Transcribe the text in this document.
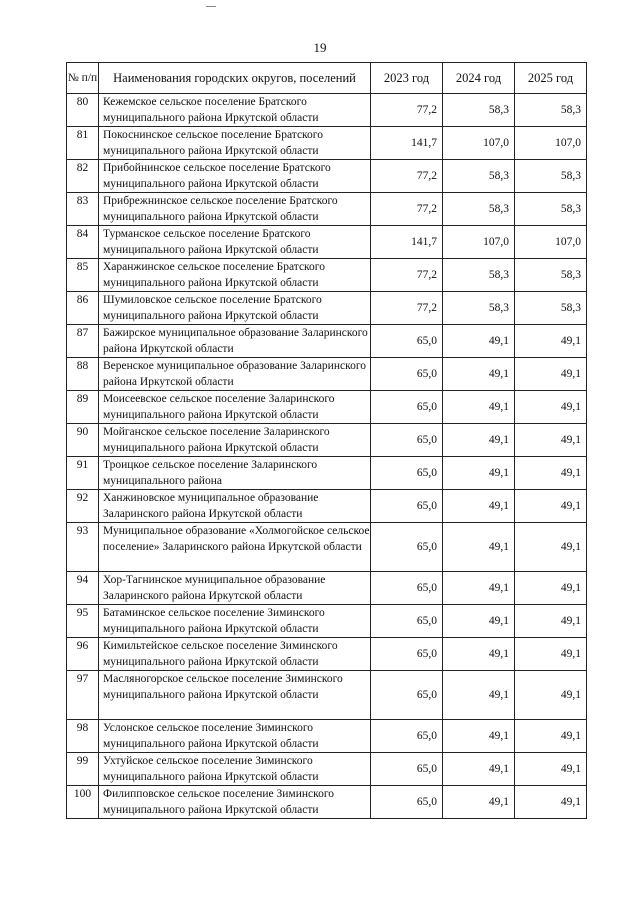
19
№ п/п	Наименования городских округов, поселений	2023 год	2024 год	2025 год
80	Кежемское сельское поселение Братского муниципального района Иркутской области	77,2	58,3	58,3
81	Покоснинское сельское поселение Братского муниципального района Иркутской области	141,7	107,0	107,0
82	Прибойнинское сельское поселение Братского муниципального района Иркутской области	77,2	58,3	58,3
83	Прибрежнинское сельское поселение Братского муниципального района Иркутской области	77,2	58,3	58,3
84	Турманское сельское поселение Братского муниципального района Иркутской области	141,7	107,0	107,0
85	Харанжинское сельское поселение Братского муниципального района Иркутской области	77,2	58,3	58,3
86	Шумиловское сельское поселение Братского муниципального района Иркутской области	77,2	58,3	58,3
87	Бажирское муниципальное образование Заларинского района Иркутской области	65,0	49,1	49,1
88	Веренское муниципальное образование Заларинского района Иркутской области	65,0	49,1	49,1
89	Моисеевское сельское поселение Заларинского муниципального района Иркутской области	65,0	49,1	49,1
90	Мойганское сельское поселение Заларинского муниципального района Иркутской области	65,0	49,1	49,1
91	Троицкое сельское поселение Заларинского муниципального района	65,0	49,1	49,1
92	Ханжиновское муниципальное образование Заларинского района Иркутской области	65,0	49,1	49,1
93	Муниципальное образование «Холмогойское сельское поселение» Заларинского района Иркутской области	65,0	49,1	49,1
94	Хор-Тагнинское муниципальное образование Заларинского района Иркутской области	65,0	49,1	49,1
95	Батаминское сельское поселение Зиминского муниципального района Иркутской области	65,0	49,1	49,1
96	Кимильтейское сельское поселение Зиминского муниципального района Иркутской области	65,0	49,1	49,1
97	Масляногорское сельское поселение Зиминского муниципального района Иркутской области	65,0	49,1	49,1
98	Услонское сельское поселение Зиминского муниципального района Иркутской области	65,0	49,1	49,1
99	Ухтуйское сельское поселение Зиминского муниципального района Иркутской области	65,0	49,1	49,1
100	Филипповское сельское поселение Зиминского муниципального района Иркутской области	65,0	49,1	49,1
